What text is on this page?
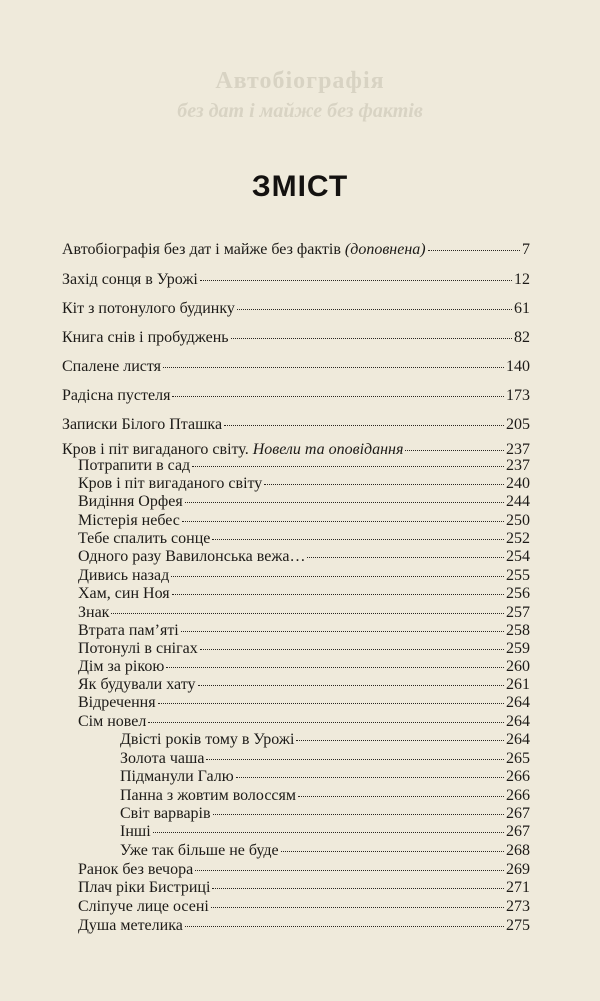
Автобіографія
без дат і майже без фактів
ЗМІСТ
Автобіографія без дат і майже без фактів (доповнена)	7
Захід сонця в Урожі	12
Кіт з потонулого будинку	61
Книга снів і пробуджень	82
Спалене листя	140
Радісна пустеля	173
Записки Білого Пташка	205
Кров і піт вигаданого світу. Новели та оповідання	237
Потрапити в сад	237
Кров і піт вигаданого світу	240
Видіння Орфея	244
Містерія небес	250
Тебе спалить сонце	252
Одного разу Вавилонська вежа…	254
Дивись назад	255
Хам, син Ноя	256
Знак	257
Втрата пам’яті	258
Потонулі в снігах	259
Дім за рікою	260
Як будували хату	261
Відречення	264
Сім новел	264
Двісті років тому в Урожі	264
Золота чаша	265
Підманули Галю	266
Панна з жовтим волоссям	266
Світ варварів	267
Інші	267
Уже так більше не буде	268
Ранок без вечора	269
Плач ріки Бистриці	271
Сліпуче лице осені	273
Душа метелика	275
